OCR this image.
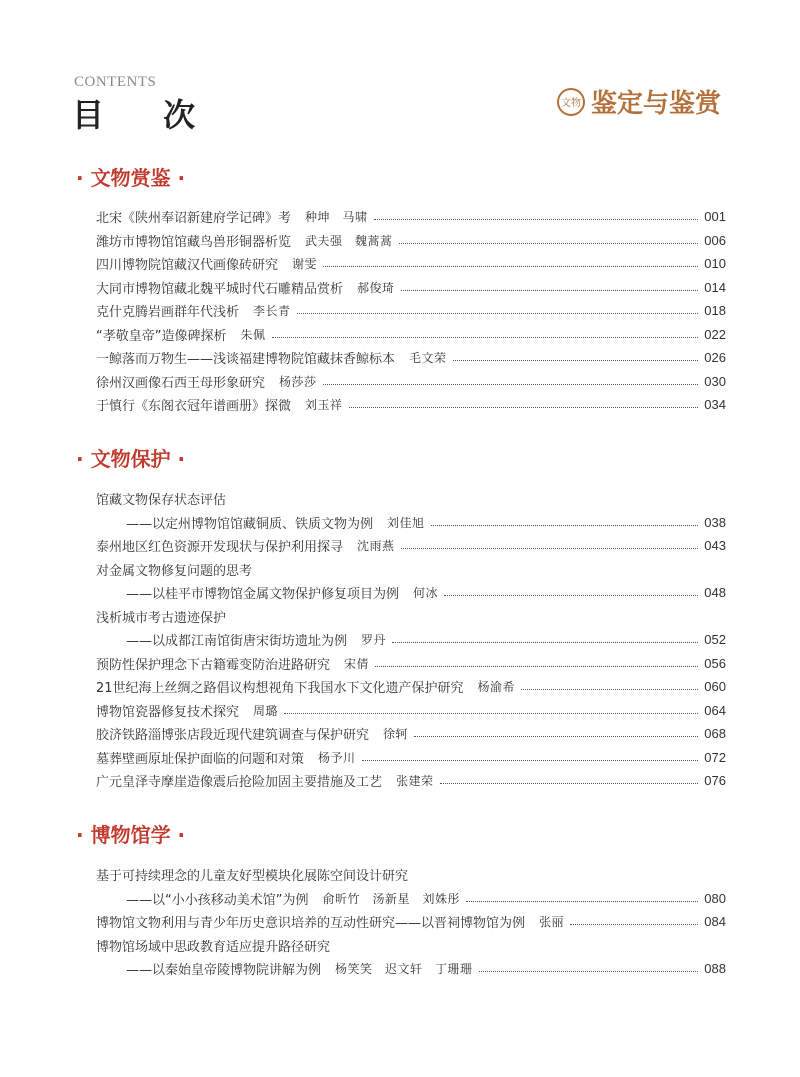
CONTENTS
目 次	文物 鉴定与鉴赏
· 文物赏鉴 ·
北宋《陕州奉诏新建府学记碑》考 种坤　马啸	001
潍坊市博物馆馆藏鸟兽形铜器析览 武夫强　魏蒿蒿	006
四川博物院馆藏汉代画像砖研究 谢雯	010
大同市博物馆藏北魏平城时代石雕精品赏析 郝俊琦	014
克什克腾岩画群年代浅析 李长青	018
“孝敬皇帝”造像碑探析 朱佩	022
一鲸落而万物生——浅谈福建博物院馆藏抹香鲸标本 毛文荣	026
徐州汉画像石西王母形象研究 杨莎莎	030
于慎行《东阁衣冠年谱画册》探微 刘玉祥	034
· 文物保护 ·
馆藏文物保存状态评估
——以定州博物馆馆藏铜质、铁质文物为例 刘佳旭	038
泰州地区红色资源开发现状与保护利用探寻 沈雨燕	043
对金属文物修复问题的思考
——以桂平市博物馆金属文物保护修复项目为例 何冰	048
浅析城市考古遗迹保护
——以成都江南馆街唐宋街坊遗址为例 罗丹	052
预防性保护理念下古籍霉变防治进路研究 宋倩	056
21世纪海上丝绸之路倡议构想视角下我国水下文化遗产保护研究 杨渝希	060
博物馆瓷器修复技术探究 周璐	064
胶济铁路淄博张店段近现代建筑调查与保护研究 徐轲	068
墓葬壁画原址保护面临的问题和对策 杨予川	072
广元皇泽寺摩崖造像震后抢险加固主要措施及工艺 张建荣	076
· 博物馆学 ·
基于可持续理念的儿童友好型模块化展陈空间设计研究
——以“小小孩移动美术馆”为例 俞昕竹　汤新星　刘姝彤	080
博物馆文物利用与青少年历史意识培养的互动性研究——以晋祠博物馆为例 张丽	084
博物馆场域中思政教育适应提升路径研究
——以秦始皇帝陵博物院讲解为例 杨笑笑　迟文轩　丁珊珊	088
